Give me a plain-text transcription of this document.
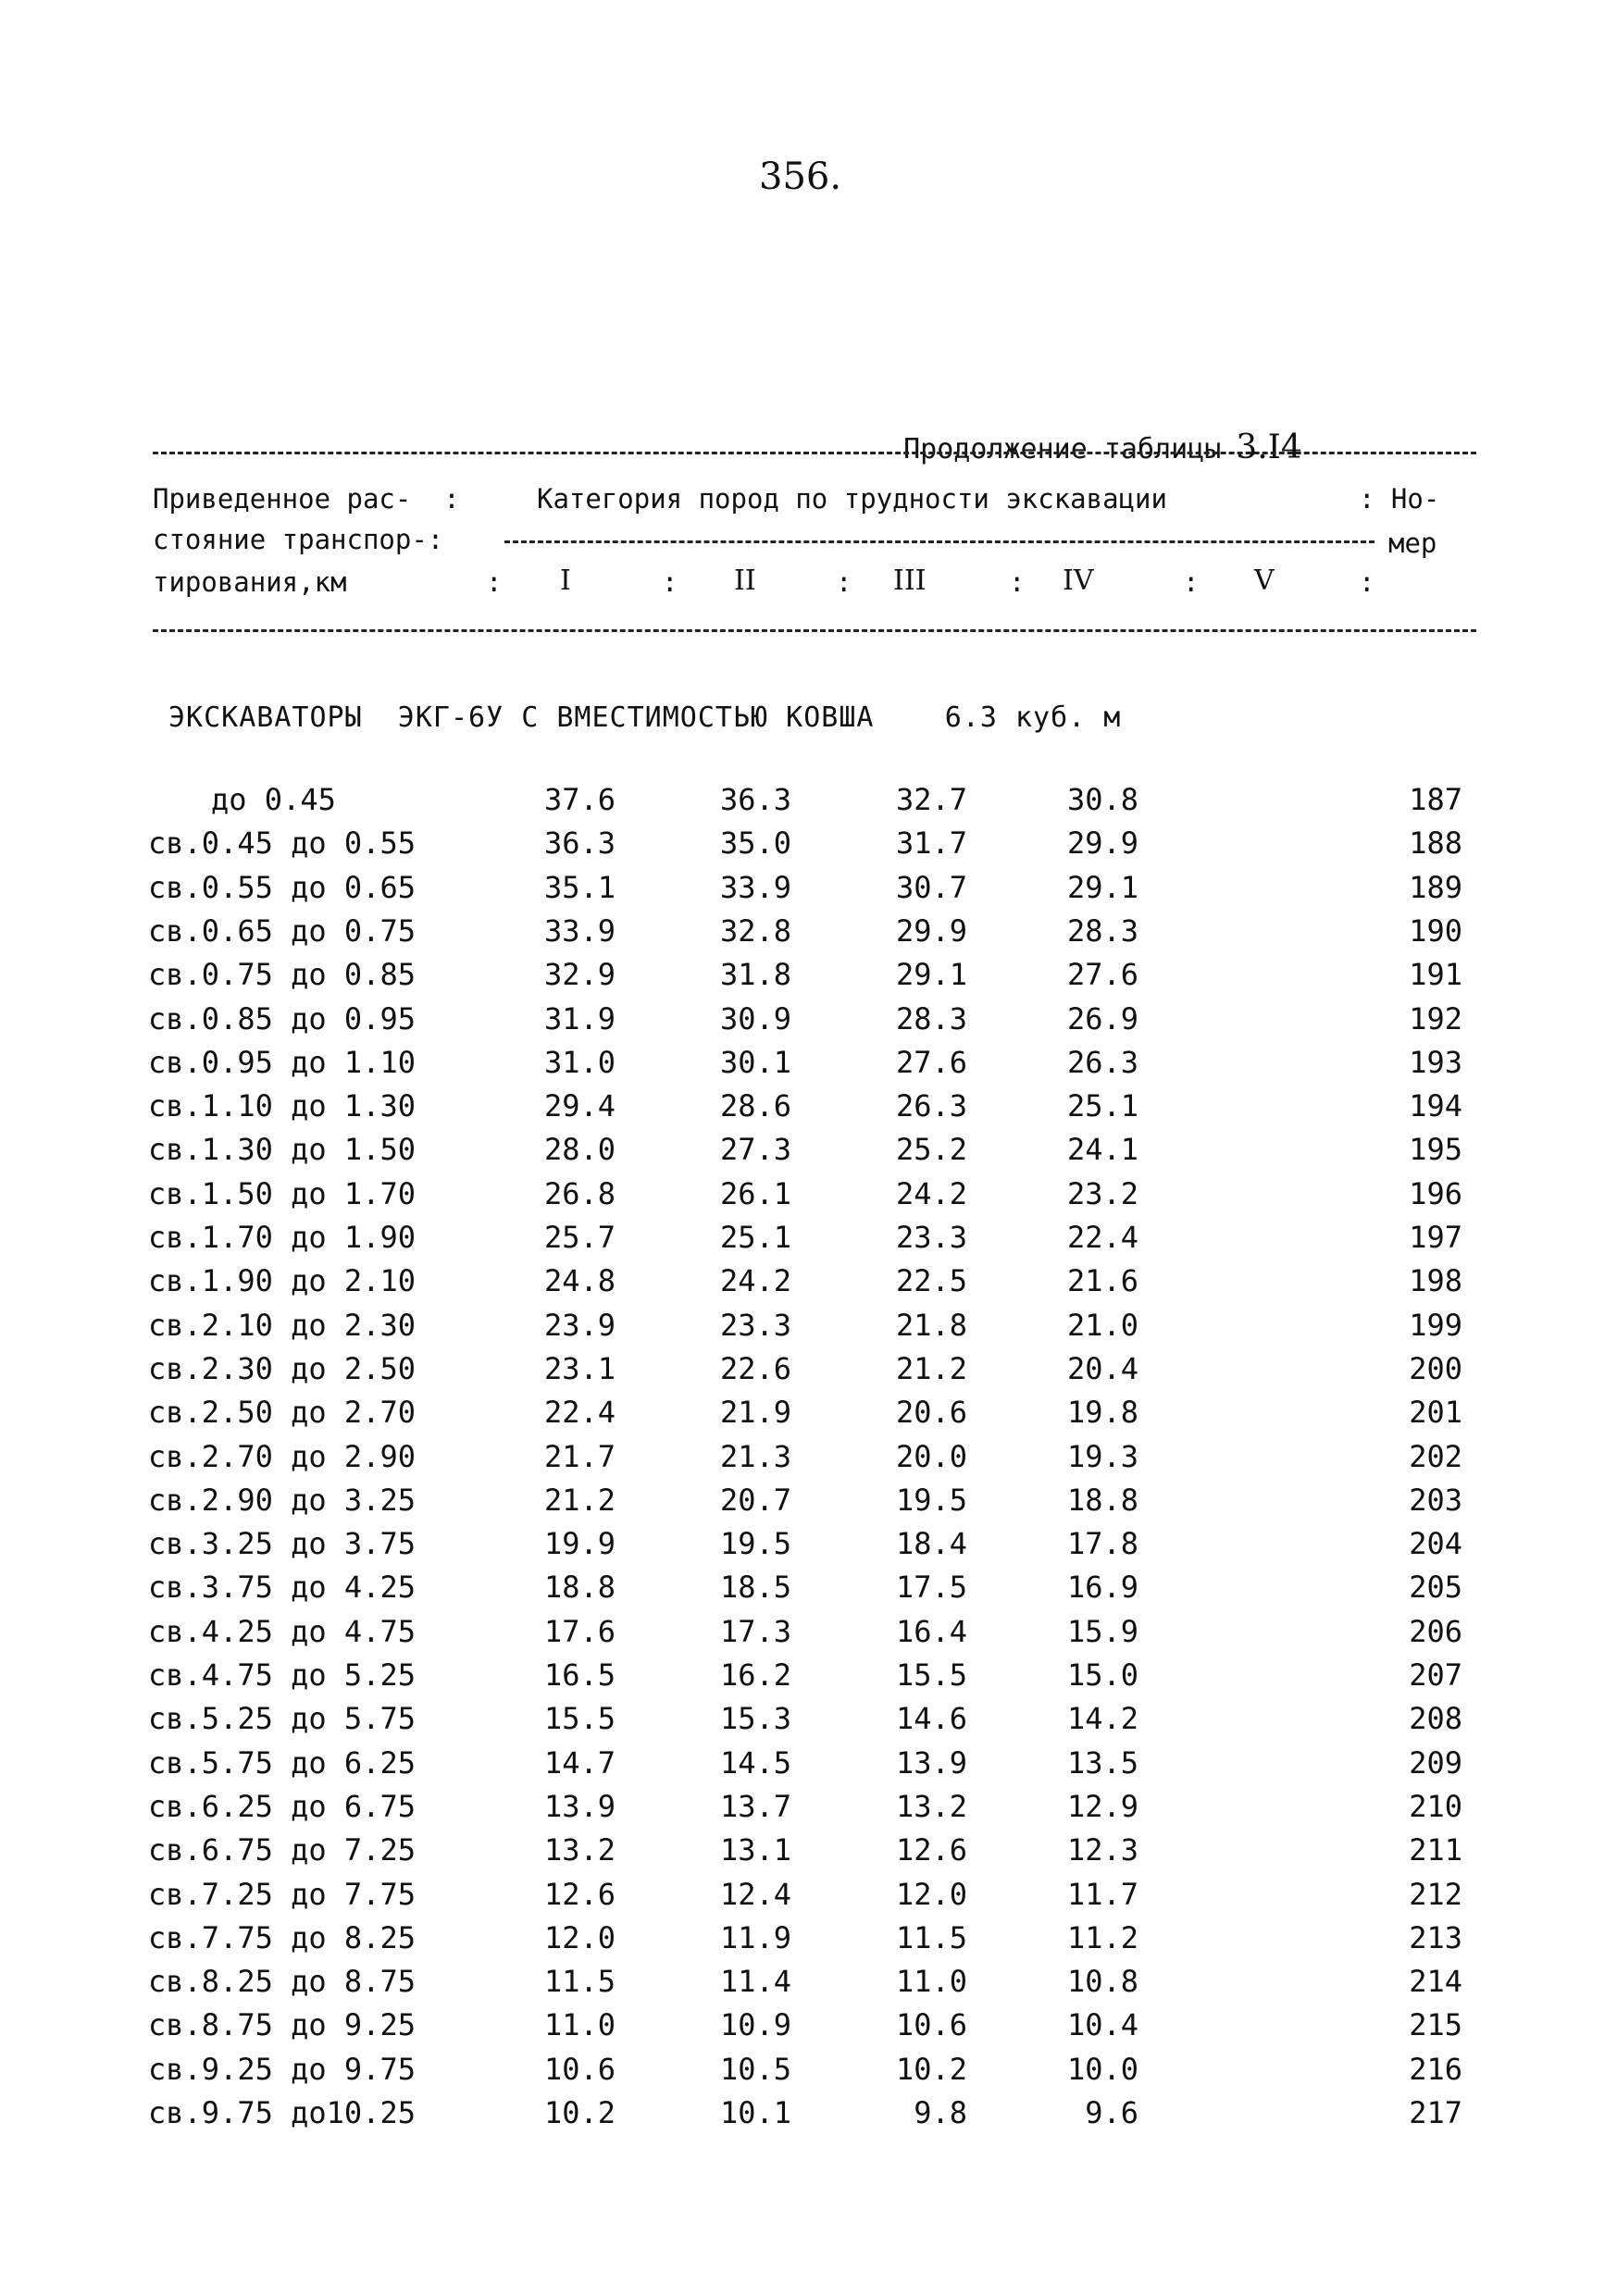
356.

Продолжение таблицы 3.I4

Приведенное рас-  :
стояние транспор-:
тирования,км
Категория пород по трудности экскавации	: Но-
мер
: I	: II	: III	: IV	: V	:
ЭКСКАВАТОРЫ  ЭКГ-6У С ВМЕСТИМОСТЬЮ КОВША    6.3 куб. м
до 0.45	37.6	36.3	32.7	30.8	187
св.0.45 до 0.55	36.3	35.0	31.7	29.9	188
св.0.55 до 0.65	35.1	33.9	30.7	29.1	189
св.0.65 до 0.75	33.9	32.8	29.9	28.3	190
св.0.75 до 0.85	32.9	31.8	29.1	27.6	191
св.0.85 до 0.95	31.9	30.9	28.3	26.9	192
св.0.95 до 1.10	31.0	30.1	27.6	26.3	193
св.1.10 до 1.30	29.4	28.6	26.3	25.1	194
св.1.30 до 1.50	28.0	27.3	25.2	24.1	195
св.1.50 до 1.70	26.8	26.1	24.2	23.2	196
св.1.70 до 1.90	25.7	25.1	23.3	22.4	197
св.1.90 до 2.10	24.8	24.2	22.5	21.6	198
св.2.10 до 2.30	23.9	23.3	21.8	21.0	199
св.2.30 до 2.50	23.1	22.6	21.2	20.4	200
св.2.50 до 2.70	22.4	21.9	20.6	19.8	201
св.2.70 до 2.90	21.7	21.3	20.0	19.3	202
св.2.90 до 3.25	21.2	20.7	19.5	18.8	203
св.3.25 до 3.75	19.9	19.5	18.4	17.8	204
св.3.75 до 4.25	18.8	18.5	17.5	16.9	205
св.4.25 до 4.75	17.6	17.3	16.4	15.9	206
св.4.75 до 5.25	16.5	16.2	15.5	15.0	207
св.5.25 до 5.75	15.5	15.3	14.6	14.2	208
св.5.75 до 6.25	14.7	14.5	13.9	13.5	209
св.6.25 до 6.75	13.9	13.7	13.2	12.9	210
св.6.75 до 7.25	13.2	13.1	12.6	12.3	211
св.7.25 до 7.75	12.6	12.4	12.0	11.7	212
св.7.75 до 8.25	12.0	11.9	11.5	11.2	213
св.8.25 до 8.75	11.5	11.4	11.0	10.8	214
св.8.75 до 9.25	11.0	10.9	10.6	10.4	215
св.9.25 до 9.75	10.6	10.5	10.2	10.0	216
св.9.75 до10.25	10.2	10.1	9.8	9.6	217
